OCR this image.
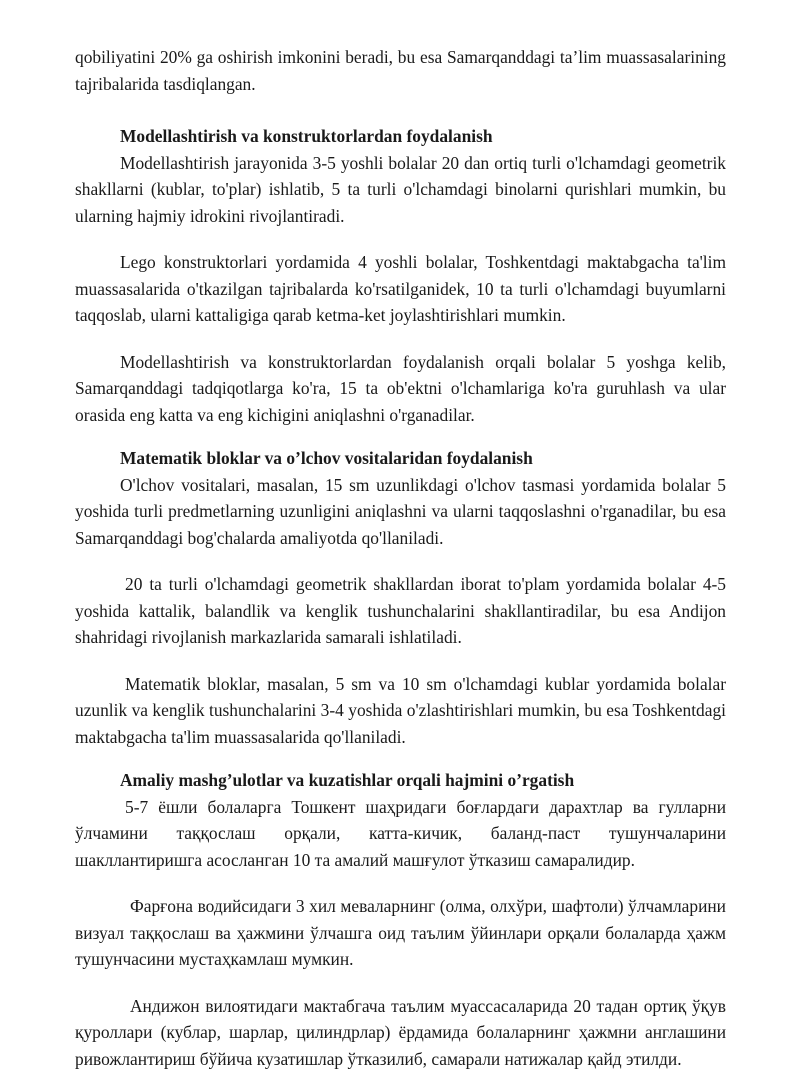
qobiliyatini 20% ga oshirish imkonini beradi, bu esa Samarqanddagi ta’lim muassasalarining tajribalarida tasdiqlangan.

Modellashtirish va konstruktorlardan foydalanish

Modellashtirish jarayonida 3-5 yoshli bolalar 20 dan ortiq turli o'lchamdagi geometrik shakllarni (kublar, to'plar) ishlatib, 5 ta turli o'lchamdagi binolarni qurishlari mumkin, bu ularning hajmiy idrokini rivojlantiradi.

Lego konstruktorlari yordamida 4 yoshli bolalar, Toshkentdagi maktabgacha ta'lim muassasalarida o'tkazilgan tajribalarda ko'rsatilganidek, 10 ta turli o'lchamdagi buyumlarni taqqoslab, ularni kattaligiga qarab ketma-ket joylashtirishlari mumkin.

Modellashtirish va konstruktorlardan foydalanish orqali bolalar 5 yoshga kelib, Samarqanddagi tadqiqotlarga ko'ra, 15 ta ob'ektni o'lchamlariga ko'ra guruhlash va ular orasida eng katta va eng kichigini aniqlashni o'rganadilar.

Matematik bloklar va o’lchov vositalaridan foydalanish

O'lchov vositalari, masalan, 15 sm uzunlikdagi o'lchov tasmasi yordamida bolalar 5 yoshida turli predmetlarning uzunligini aniqlashni va ularni taqqoslashni o'rganadilar, bu esa Samarqanddagi bog'chalarda amaliyotda qo'llaniladi.

20 ta turli o'lchamdagi geometrik shakllardan iborat to'plam yordamida bolalar 4-5 yoshida kattalik, balandlik va kenglik tushunchalarini shakllantiradilar, bu esa Andijon shahridagi rivojlanish markazlarida samarali ishlatiladi.

Matematik bloklar, masalan, 5 sm va 10 sm o'lchamdagi kublar yordamida bolalar uzunlik va kenglik tushunchalarini 3-4 yoshida o'zlashtirishlari mumkin, bu esa Toshkentdagi maktabgacha ta'lim muassasalarida qo'llaniladi.

Amaliy mashg’ulotlar va kuzatishlar orqali hajmini o’rgatish

5-7 ёшли болаларга Тошкент шаҳридаги боғлардаги дарахтлар ва гулларни ўлчамини таққослаш орқали, катта-кичик, баланд-паст тушунчаларини шакллантиришга асосланган 10 та амалий машғулот ўтказиш самаралидир.

Фарғона водийсидаги 3 хил меваларнинг (олма, олхўри, шафтоли) ўлчамларини визуал таққослаш ва ҳажмини ўлчашга оид таълим ўйинлари орқали болаларда ҳажм тушунчасини мустаҳкамлаш мумкин.

Андижон вилоятидаги мактабгача таълим муассасаларида 20 тадан ортиқ ўқув қуроллари (кублар, шарлар, цилиндрлар) ёрдамида болаларнинг ҳажмни англашини ривожлантириш бўйича кузатишлар ўтказилиб, самарали натижалар қайд этилди.
